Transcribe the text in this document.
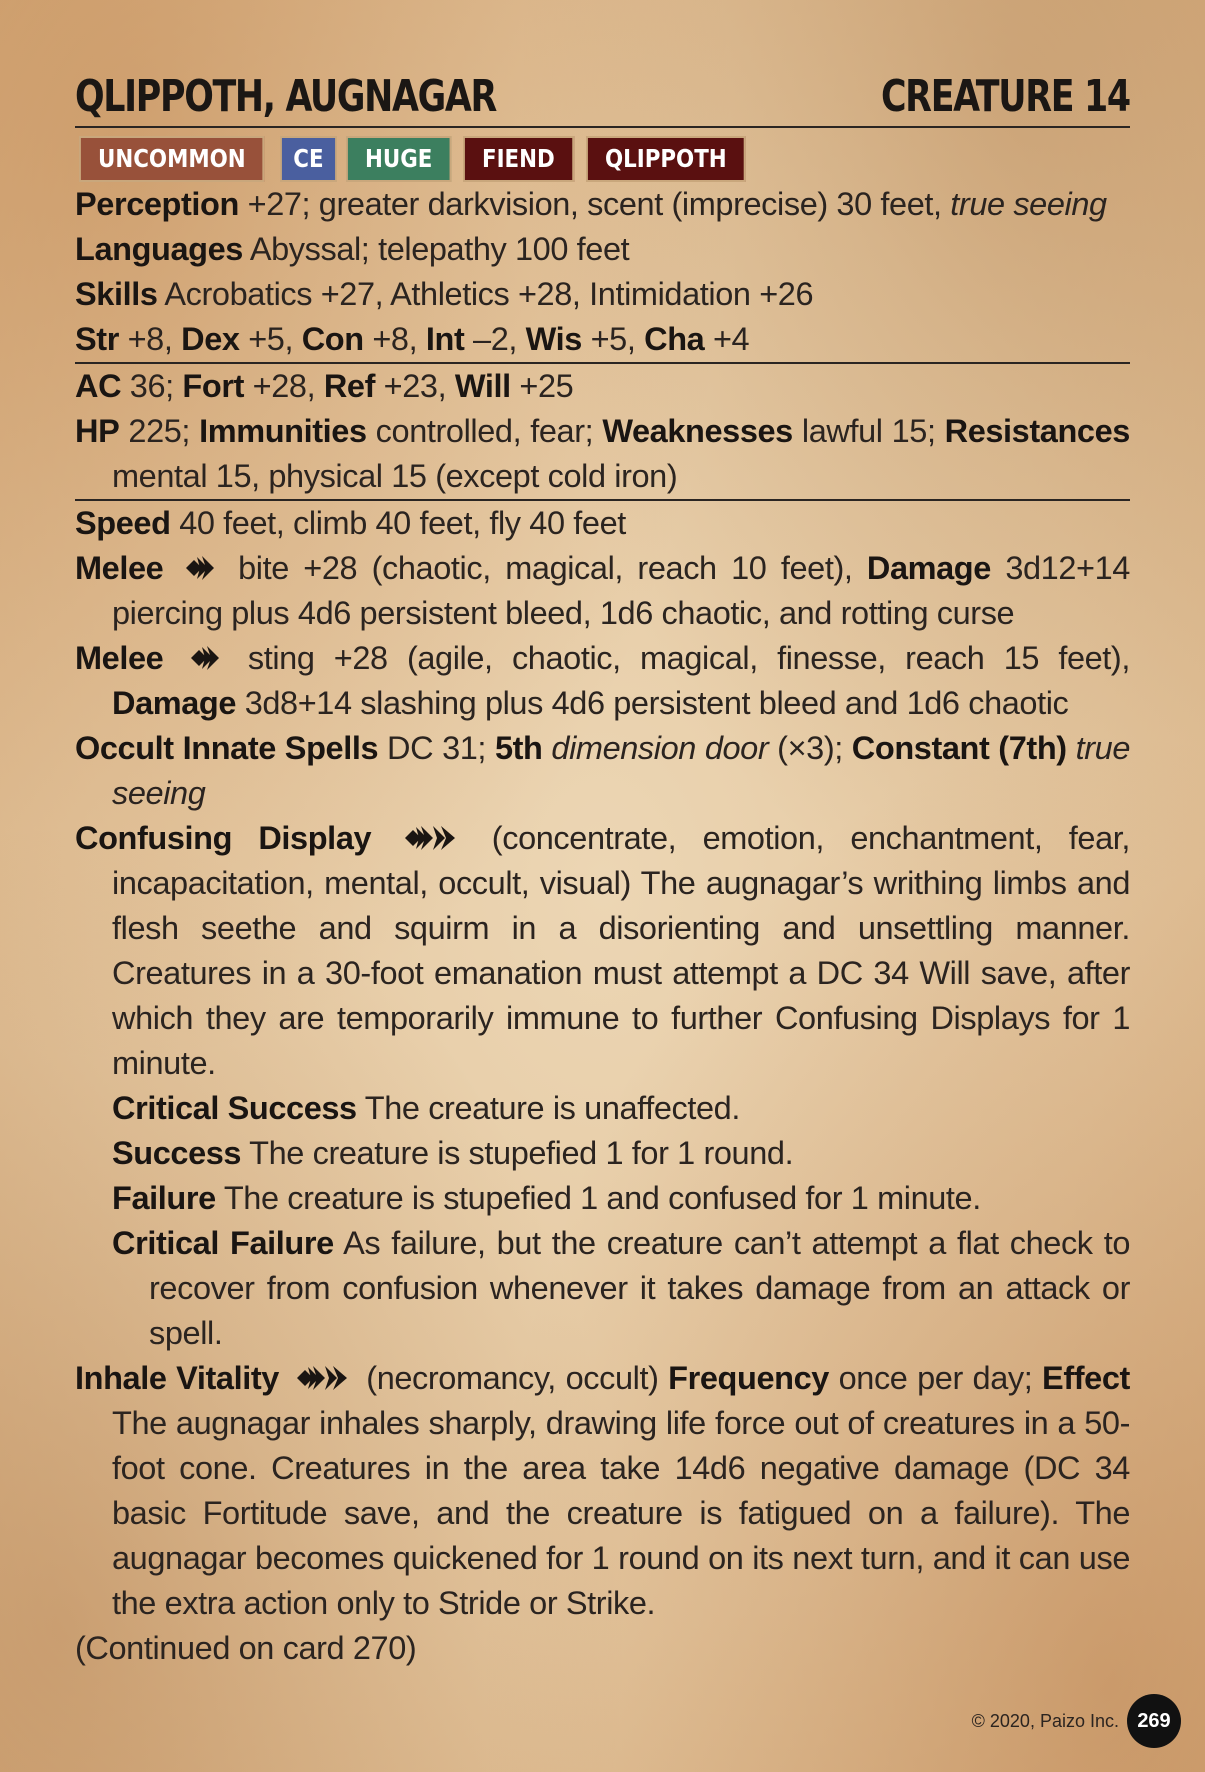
QLIPPOTH, AUGNAGAR	CREATURE 14
UNCOMMON	CE	HUGE	FIEND	QLIPPOTH
Perception +27; greater darkvision, scent (imprecise) 30 feet, true seeing
Languages Abyssal; telepathy 100 feet
Skills Acrobatics +27, Athletics +28, Intimidation +26
Str +8, Dex +5, Con +8, Int –2, Wis +5, Cha +4
AC 36; Fort +28, Ref +23, Will +25
HP 225; Immunities controlled, fear; Weaknesses lawful 15; Resistances mental 15, physical 15 (except cold iron)
Speed 40 feet, climb 40 feet, fly 40 feet
Melee bite +28 (chaotic, magical, reach 10 feet), Damage 3d12+14 piercing plus 4d6 persistent bleed, 1d6 chaotic, and rotting curse
Melee	sting +28 (agile, chaotic, magical, finesse, reach 15 feet), Damage 3d8+14 slashing plus 4d6 persistent bleed and 1d6 chaotic
Occult Innate Spells DC 31; 5th dimension door (×3); Constant (7th) true seeing
Confusing Display	(concentrate, emotion, enchantment, fear, incapacitation, mental, occult, visual) The augnagar’s writhing limbs and flesh seethe and squirm in a disorienting and unsettling manner. Creatures in a 30-foot emanation must attempt a DC 34 Will save, after which they are temporarily immune to further Confusing Displays for 1 minute.
Critical Success The creature is unaffected.
Success The creature is stupefied 1 for 1 round.
Failure The creature is stupefied 1 and confused for 1 minute.
Critical Failure As failure, but the creature can’t attempt a flat check to recover from confusion whenever it takes damage from an attack or spell.
Inhale Vitality	(necromancy, occult) Frequency once per day; Effect The augnagar inhales sharply, drawing life force out of creatures in a 50-foot cone. Creatures in the area take 14d6 negative damage (DC 34 basic Fortitude save, and the creature is fatigued on a failure). The augnagar becomes quickened for 1 round on its next turn, and it can use the extra action only to Stride or Strike.
(Continued on card 270)
© 2020, Paizo Inc. 269
